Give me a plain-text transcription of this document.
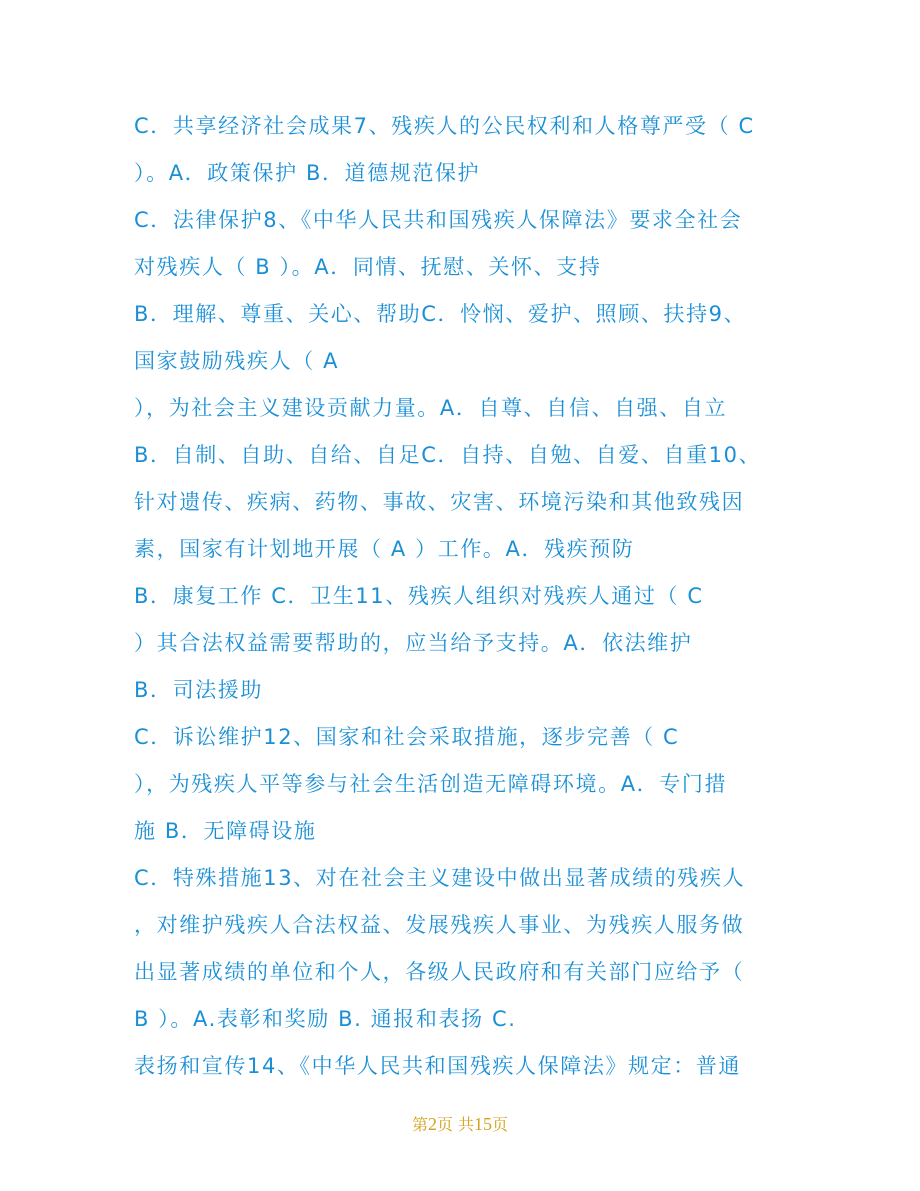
C．共享经济社会成果7、残疾人的公民权利和人格尊严受（ C
）。A．政策保护 B．道德规范保护
C．法律保护8、《中华人民共和国残疾人保障法》要求全社会
对残疾人（ B ）。A．同情、抚慰、关怀、支持
B．理解、尊重、关心、帮助C．怜悯、爱护、照顾、扶持9、
国家鼓励残疾人（ A
），为社会主义建设贡献力量。A．自尊、自信、自强、自立
B．自制、自助、自给、自足C．自持、自勉、自爱、自重10、
针对遗传、疾病、药物、事故、灾害、环境污染和其他致残因
素，国家有计划地开展（ A ）工作。A．残疾预防
B．康复工作 C．卫生11、残疾人组织对残疾人通过（ C
）其合法权益需要帮助的，应当给予支持。A．依法维护
B．司法援助
C．诉讼维护12、国家和社会采取措施，逐步完善（ C
），为残疾人平等参与社会生活创造无障碍环境。A．专门措
施 B．无障碍设施
C．特殊措施13、对在社会主义建设中做出显著成绩的残疾人
，对维护残疾人合法权益、发展残疾人事业、为残疾人服务做
出显著成绩的单位和个人，各级人民政府和有关部门应给予（
B ）。A.表彰和奖励 B. 通报和表扬 C.
表扬和宣传14、《中华人民共和国残疾人保障法》规定：普通
第2页 共15页
